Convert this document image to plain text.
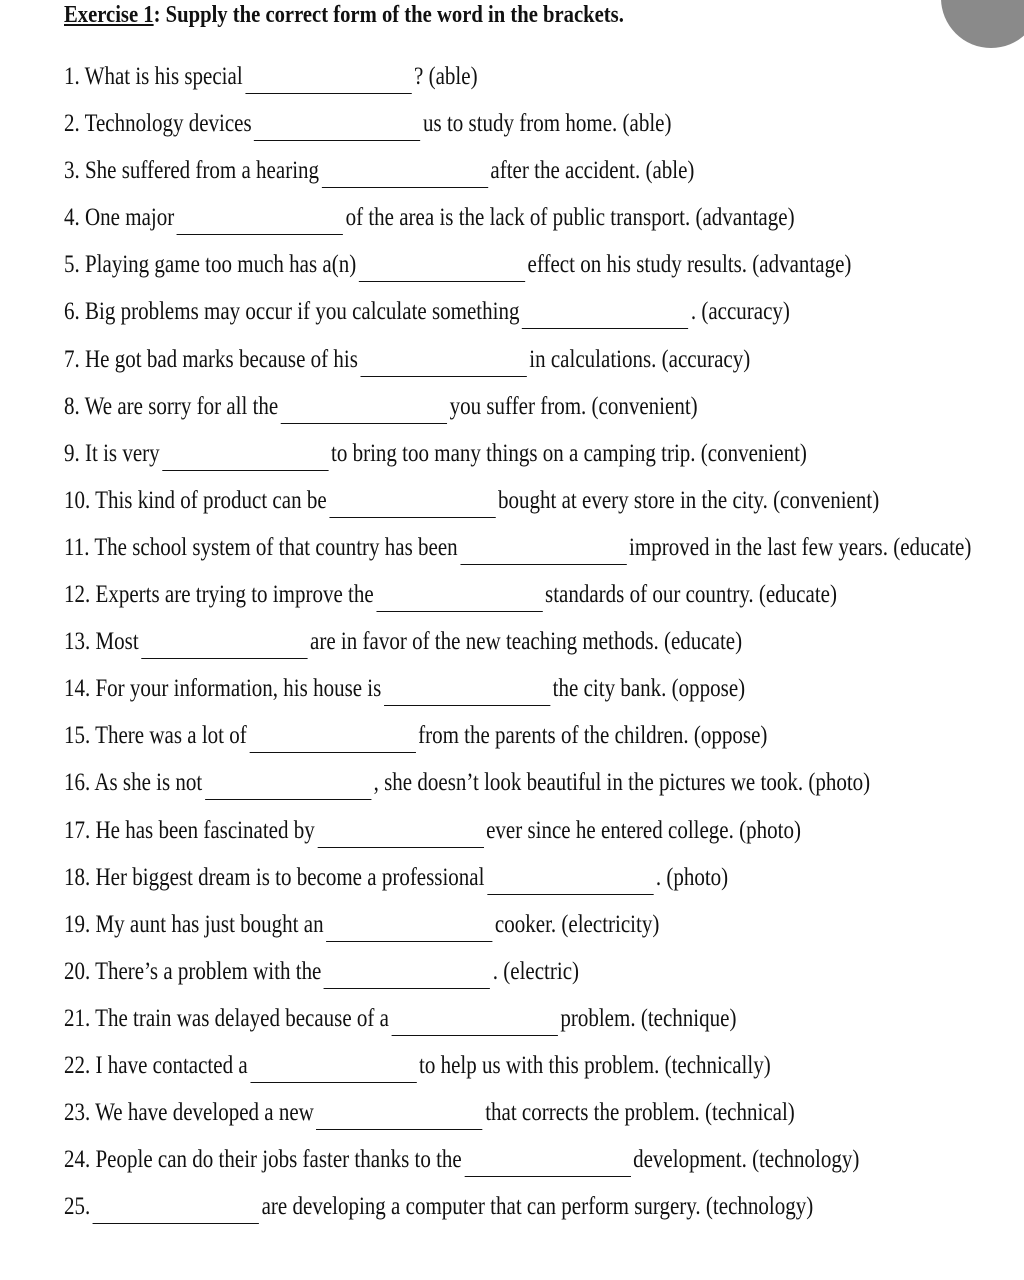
Exercise 1: Supply the correct form of the word in the brackets.
1. What is his special	? (able)
2. Technology devices	us to study from home. (able)
3. She suffered from a hearing	after the accident. (able)
4. One major	of the area is the lack of public transport. (advantage)
5. Playing game too much has a(n)	effect on his study results. (advantage)
6. Big problems may occur if you calculate something	. (accuracy)
7. He got bad marks because of his	in calculations. (accuracy)
8. We are sorry for all the	you suffer from. (convenient)
9. It is very	to bring too many things on a camping trip. (convenient)
10. This kind of product can be	bought at every store in the city. (convenient)
11. The school system of that country has been	improved in the last few years. (educate)
12. Experts are trying to improve the	standards of our country. (educate)
13. Most	are in favor of the new teaching methods. (educate)
14. For your information, his house is	the city bank. (oppose)
15. There was a lot of	from the parents of the children. (oppose)
16. As she is not	, she doesn’t look beautiful in the pictures we took. (photo)
17. He has been fascinated by	ever since he entered college. (photo)
18. Her biggest dream is to become a professional	. (photo)
19. My aunt has just bought an	cooker. (electricity)
20. There’s a problem with the	. (electric)
21. The train was delayed because of a	problem. (technique)
22. I have contacted a	to help us with this problem. (technically)
23. We have developed a new	that corrects the problem. (technical)
24. People can do their jobs faster thanks to the	development. (technology)
25.	are developing a computer that can perform surgery. (technology)
